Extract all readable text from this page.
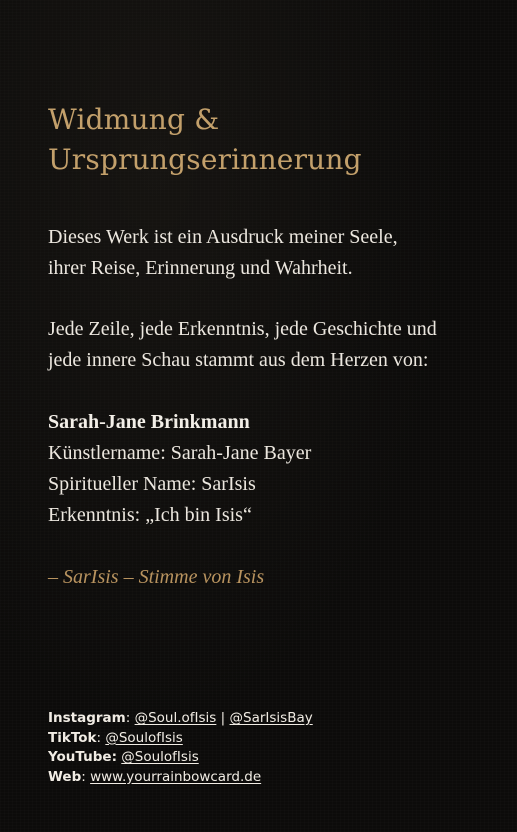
Widmung &
Ursprungserinnerung

Dieses Werk ist ein Ausdruck meiner Seele,

ihrer Reise, Erinnerung und Wahrheit.

Jede Zeile, jede Erkenntnis, jede Geschichte und

jede innere Schau stammt aus dem Herzen von:

Sarah-Jane Brinkmann

Künstlername: Sarah-Jane Bayer

Spiritueller Name: SarIsis

Erkenntnis: „Ich bin Isis“

– SarIsis – Stimme von Isis
Instagram: @Soul.ofIsis | @SarIsisBay
TikTok: @SoulofIsis
YouTube: @SoulofIsis
Web: www.yourrainbowcard.de
